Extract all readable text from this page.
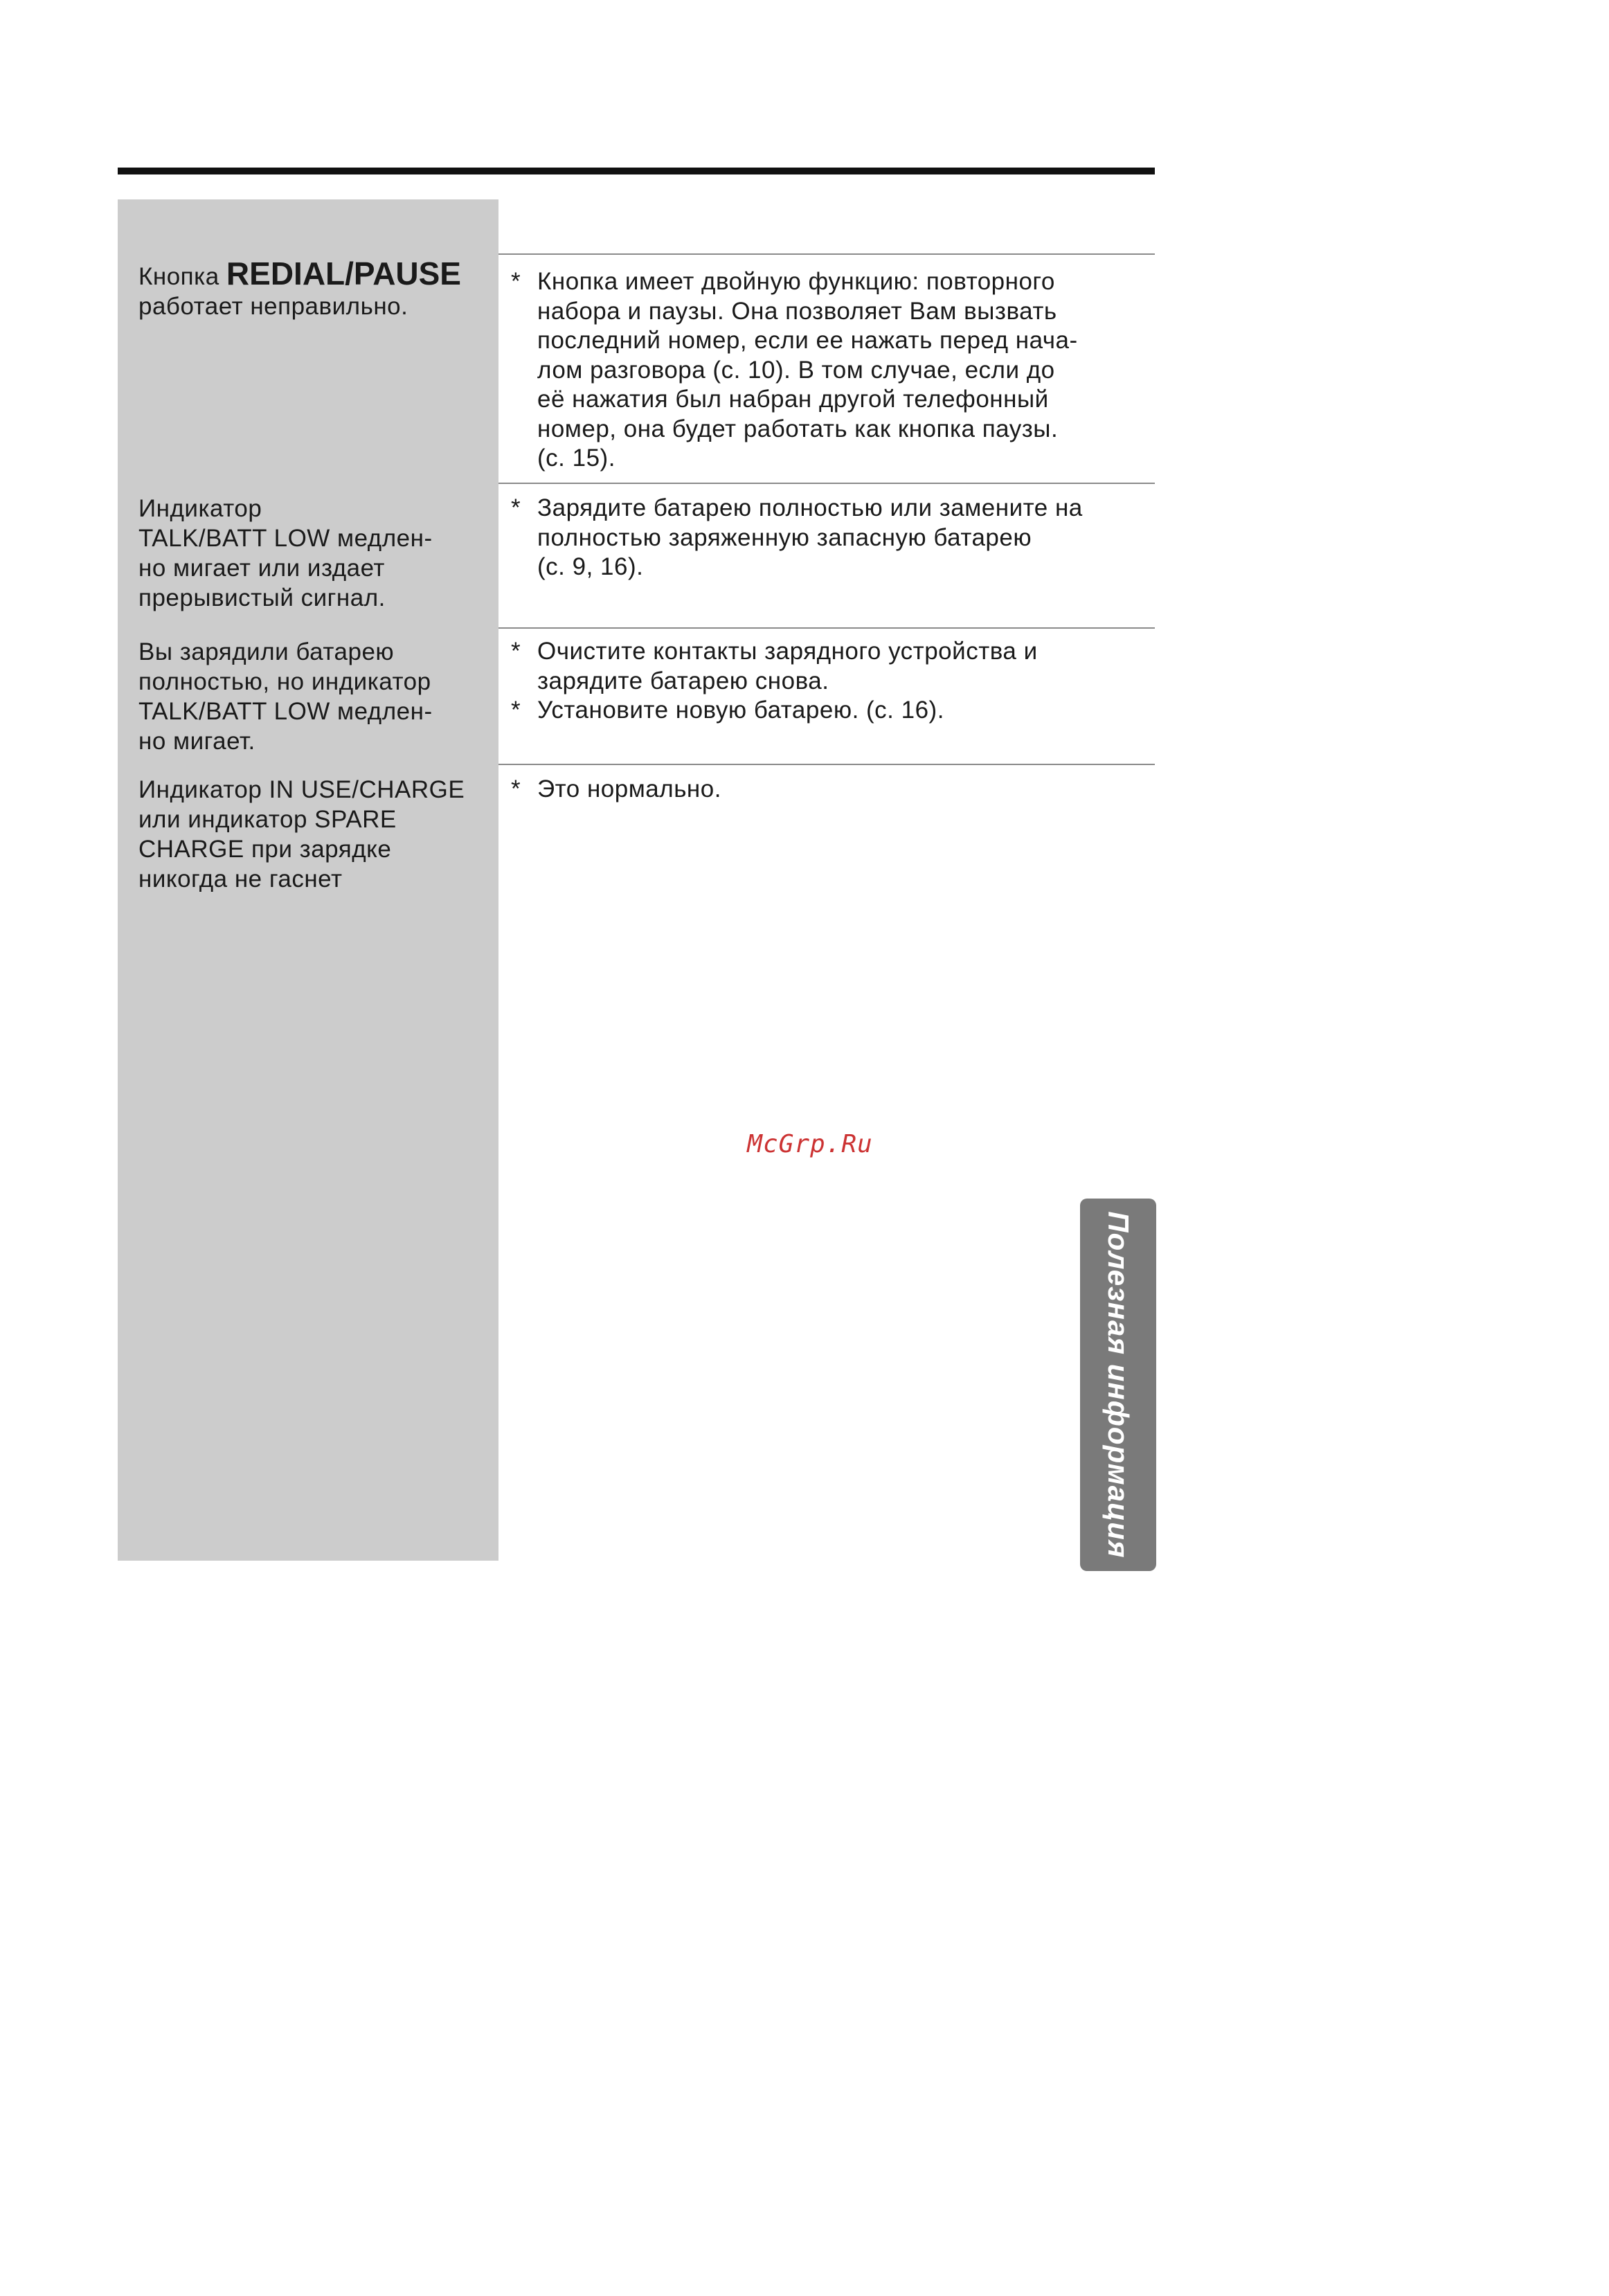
Кнопка REDIAL/PAUSE
работает неправильно.
* Кнопка имеет двойную функцию: повторного
набора и паузы. Она позволяет Вам вызвать
последний номер, если ее нажать перед нача-
лом разговора (с. 10). В том случае, если до
её нажатия был набран другой телефонный
номер, она будет работать как кнопка паузы.
(с. 15).
Индикатор
TALK/BATT LOW медлен-
но мигает или издает
прерывистый сигнал.
* Зарядите батарею полностью или замените на
полностью заряженную запасную батарею
(с. 9, 16).
Вы зарядили батарею
полностью, но индикатор
TALK/BATT LOW медлен-
но мигает.
* Очистите контакты зарядного устройства и
зарядите батарею снова.
* Установите новую батарею. (с. 16).
Индикатор IN USE/CHARGE
или индикатор SPARE
CHARGE при зарядке
никогда не гаснет
* Это нормально.
McGrp.Ru
Полезная информация
